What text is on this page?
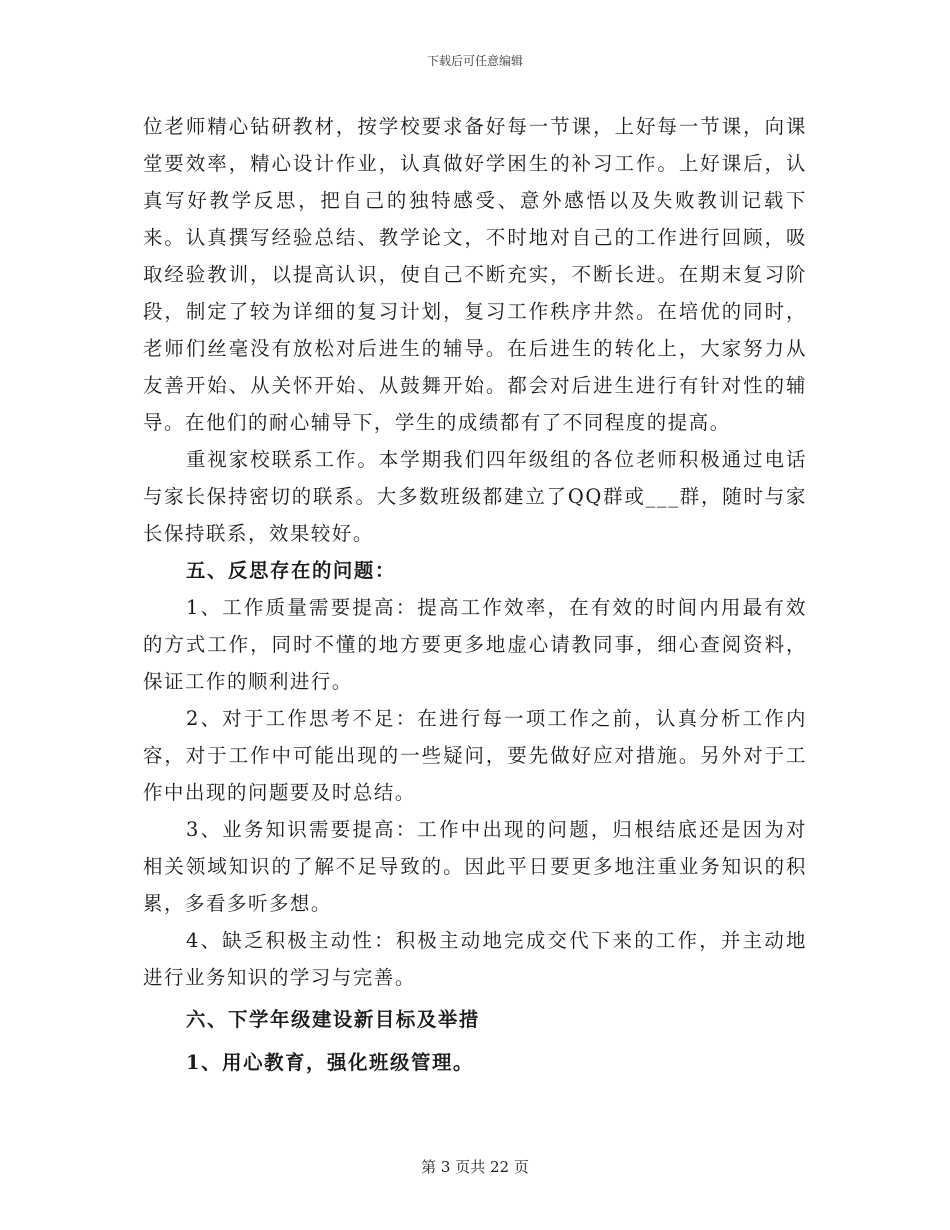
下载后可任意编辑

位老师精心钻研教材，按学校要求备好每一节课，上好每一节课，向课堂要效率，精心设计作业，认真做好学困生的补习工作。上好课后，认真写好教学反思，把自己的独特感受、意外感悟以及失败教训记载下来。认真撰写经验总结、教学论文，不时地对自己的工作进行回顾，吸取经验教训，以提高认识，使自己不断充实，不断长进。在期末复习阶段，制定了较为详细的复习计划，复习工作秩序井然。在培优的同时，老师们丝毫没有放松对后进生的辅导。在后进生的转化上，大家努力从友善开始、从关怀开始、从鼓舞开始。都会对后进生进行有针对性的辅导。在他们的耐心辅导下，学生的成绩都有了不同程度的提高。

重视家校联系工作。本学期我们四年级组的各位老师积极通过电话与家长保持密切的联系。大多数班级都建立了QQ群或___群，随时与家长保持联系，效果较好。

五、反思存在的问题：

1、工作质量需要提高：提高工作效率，在有效的时间内用最有效的方式工作，同时不懂的地方要更多地虚心请教同事，细心查阅资料，保证工作的顺利进行。

2、对于工作思考不足：在进行每一项工作之前，认真分析工作内容，对于工作中可能出现的一些疑问，要先做好应对措施。另外对于工作中出现的问题要及时总结。

3、业务知识需要提高：工作中出现的问题，归根结底还是因为对相关领域知识的了解不足导致的。因此平日要更多地注重业务知识的积累，多看多听多想。

4、缺乏积极主动性：积极主动地完成交代下来的工作，并主动地进行业务知识的学习与完善。

六、下学年级建设新目标及举措

1、用心教育，强化班级管理。

第 3 页共 22 页
